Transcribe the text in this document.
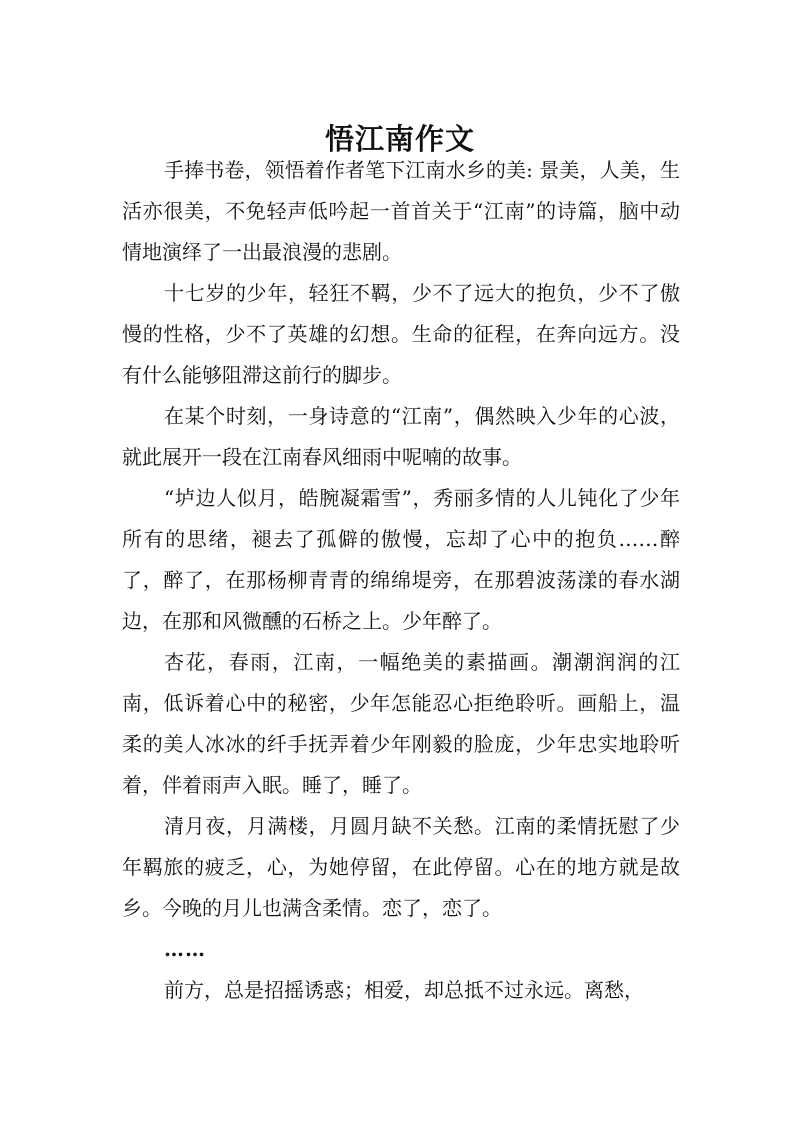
悟江南作文

手捧书卷，领悟着作者笔下江南水乡的美: 景美，人美，生活亦很美，不免轻声低吟起一首首关于“江南”的诗篇，脑中动情地演绎了一出最浪漫的悲剧。

十七岁的少年，轻狂不羁，少不了远大的抱负，少不了傲慢的性格，少不了英雄的幻想。生命的征程，在奔向远方。没有什么能够阻滞这前行的脚步。

在某个时刻，一身诗意的“江南”，偶然映入少年的心波，就此展开一段在江南春风细雨中呢喃的故事。

“垆边人似月，皓腕凝霜雪”，秀丽多情的人儿钝化了少年所有的思绪，褪去了孤僻的傲慢，忘却了心中的抱负……醉了，醉了，在那杨柳青青的绵绵堤旁，在那碧波荡漾的春水湖边，在那和风微醺的石桥之上。少年醉了。

杏花，春雨，江南，一幅绝美的素描画。潮潮润润的江南，低诉着心中的秘密，少年怎能忍心拒绝聆听。画船上，温柔的美人冰冰的纤手抚弄着少年刚毅的脸庞，少年忠实地聆听着，伴着雨声入眠。睡了，睡了。

清月夜，月满楼，月圆月缺不关愁。江南的柔情抚慰了少年羁旅的疲乏，心，为她停留，在此停留。心在的地方就是故乡。今晚的月儿也满含柔情。恋了，恋了。

……

前方，总是招摇诱惑；相爱，却总抵不过永远。离愁，
